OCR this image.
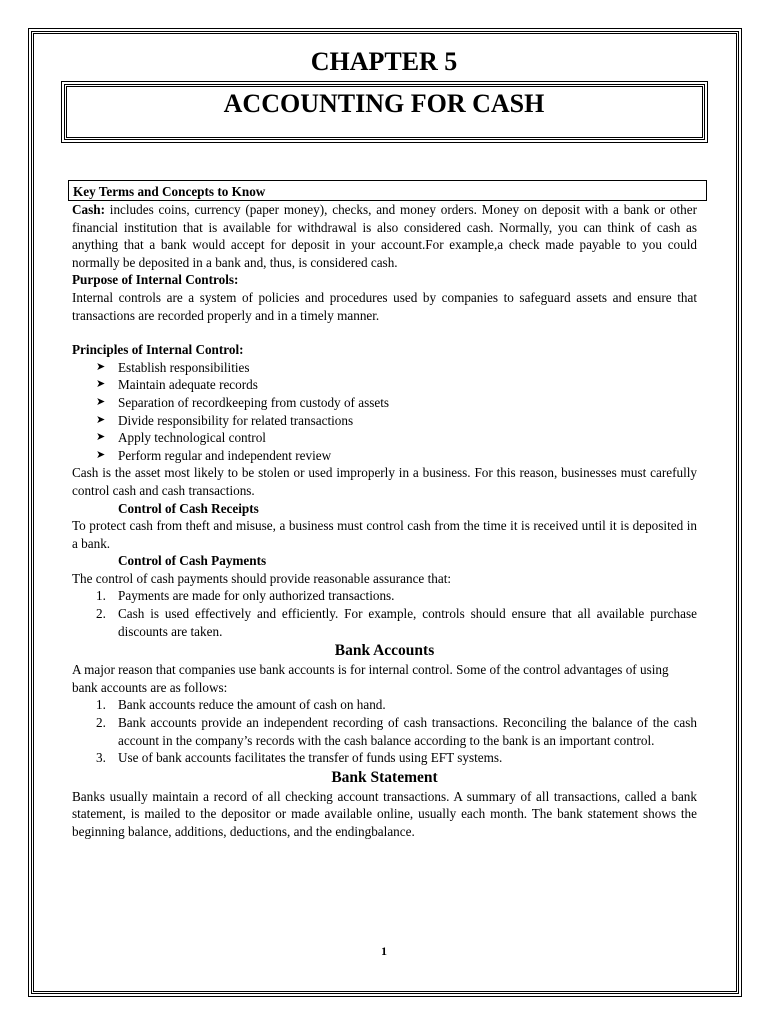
CHAPTER 5
ACCOUNTING FOR CASH
Key Terms and Concepts to Know
Cash: includes coins, currency (paper money), checks, and money orders. Money on deposit with a bank or other financial institution that is available for withdrawal is also considered cash. Normally, you can think of cash as anything that a bank would accept for deposit in your account.For example,a check made payable to you could normally be deposited in a bank and, thus, is considered cash.
Purpose of Internal Controls:
Internal controls are a system of policies and procedures used by companies to safeguard assets and ensure that transactions are recorded properly and in a timely manner.
Principles of Internal Control:
➤ Establish responsibilities
➤ Maintain adequate records
➤ Separation of recordkeeping from custody of assets
➤ Divide responsibility for related transactions
➤ Apply technological control
➤ Perform regular and independent review
Cash is the asset most likely to be stolen or used improperly in a business. For this reason, businesses must carefully control cash and cash transactions.
Control of Cash Receipts
To protect cash from theft and misuse, a business must control cash from the time it is received until it is deposited in a bank.
Control of Cash Payments
The control of cash payments should provide reasonable assurance that:
1. Payments are made for only authorized transactions.
2. Cash is used effectively and efficiently. For example, controls should ensure that all available purchase discounts are taken.
Bank Accounts
A major reason that companies use bank accounts is for internal control. Some of the control advantages of using bank accounts are as follows:
1. Bank accounts reduce the amount of cash on hand.
2. Bank accounts provide an independent recording of cash transactions. Reconciling the balance of the cash account in the company’s records with the cash balance according to the bank is an important control.
3. Use of bank accounts facilitates the transfer of funds using EFT systems.
Bank Statement
Banks usually maintain a record of all checking account transactions. A summary of all transactions, called a bank statement, is mailed to the depositor or made available online, usually each month. The bank statement shows the beginning balance, additions, deductions, and the endingbalance.
1
